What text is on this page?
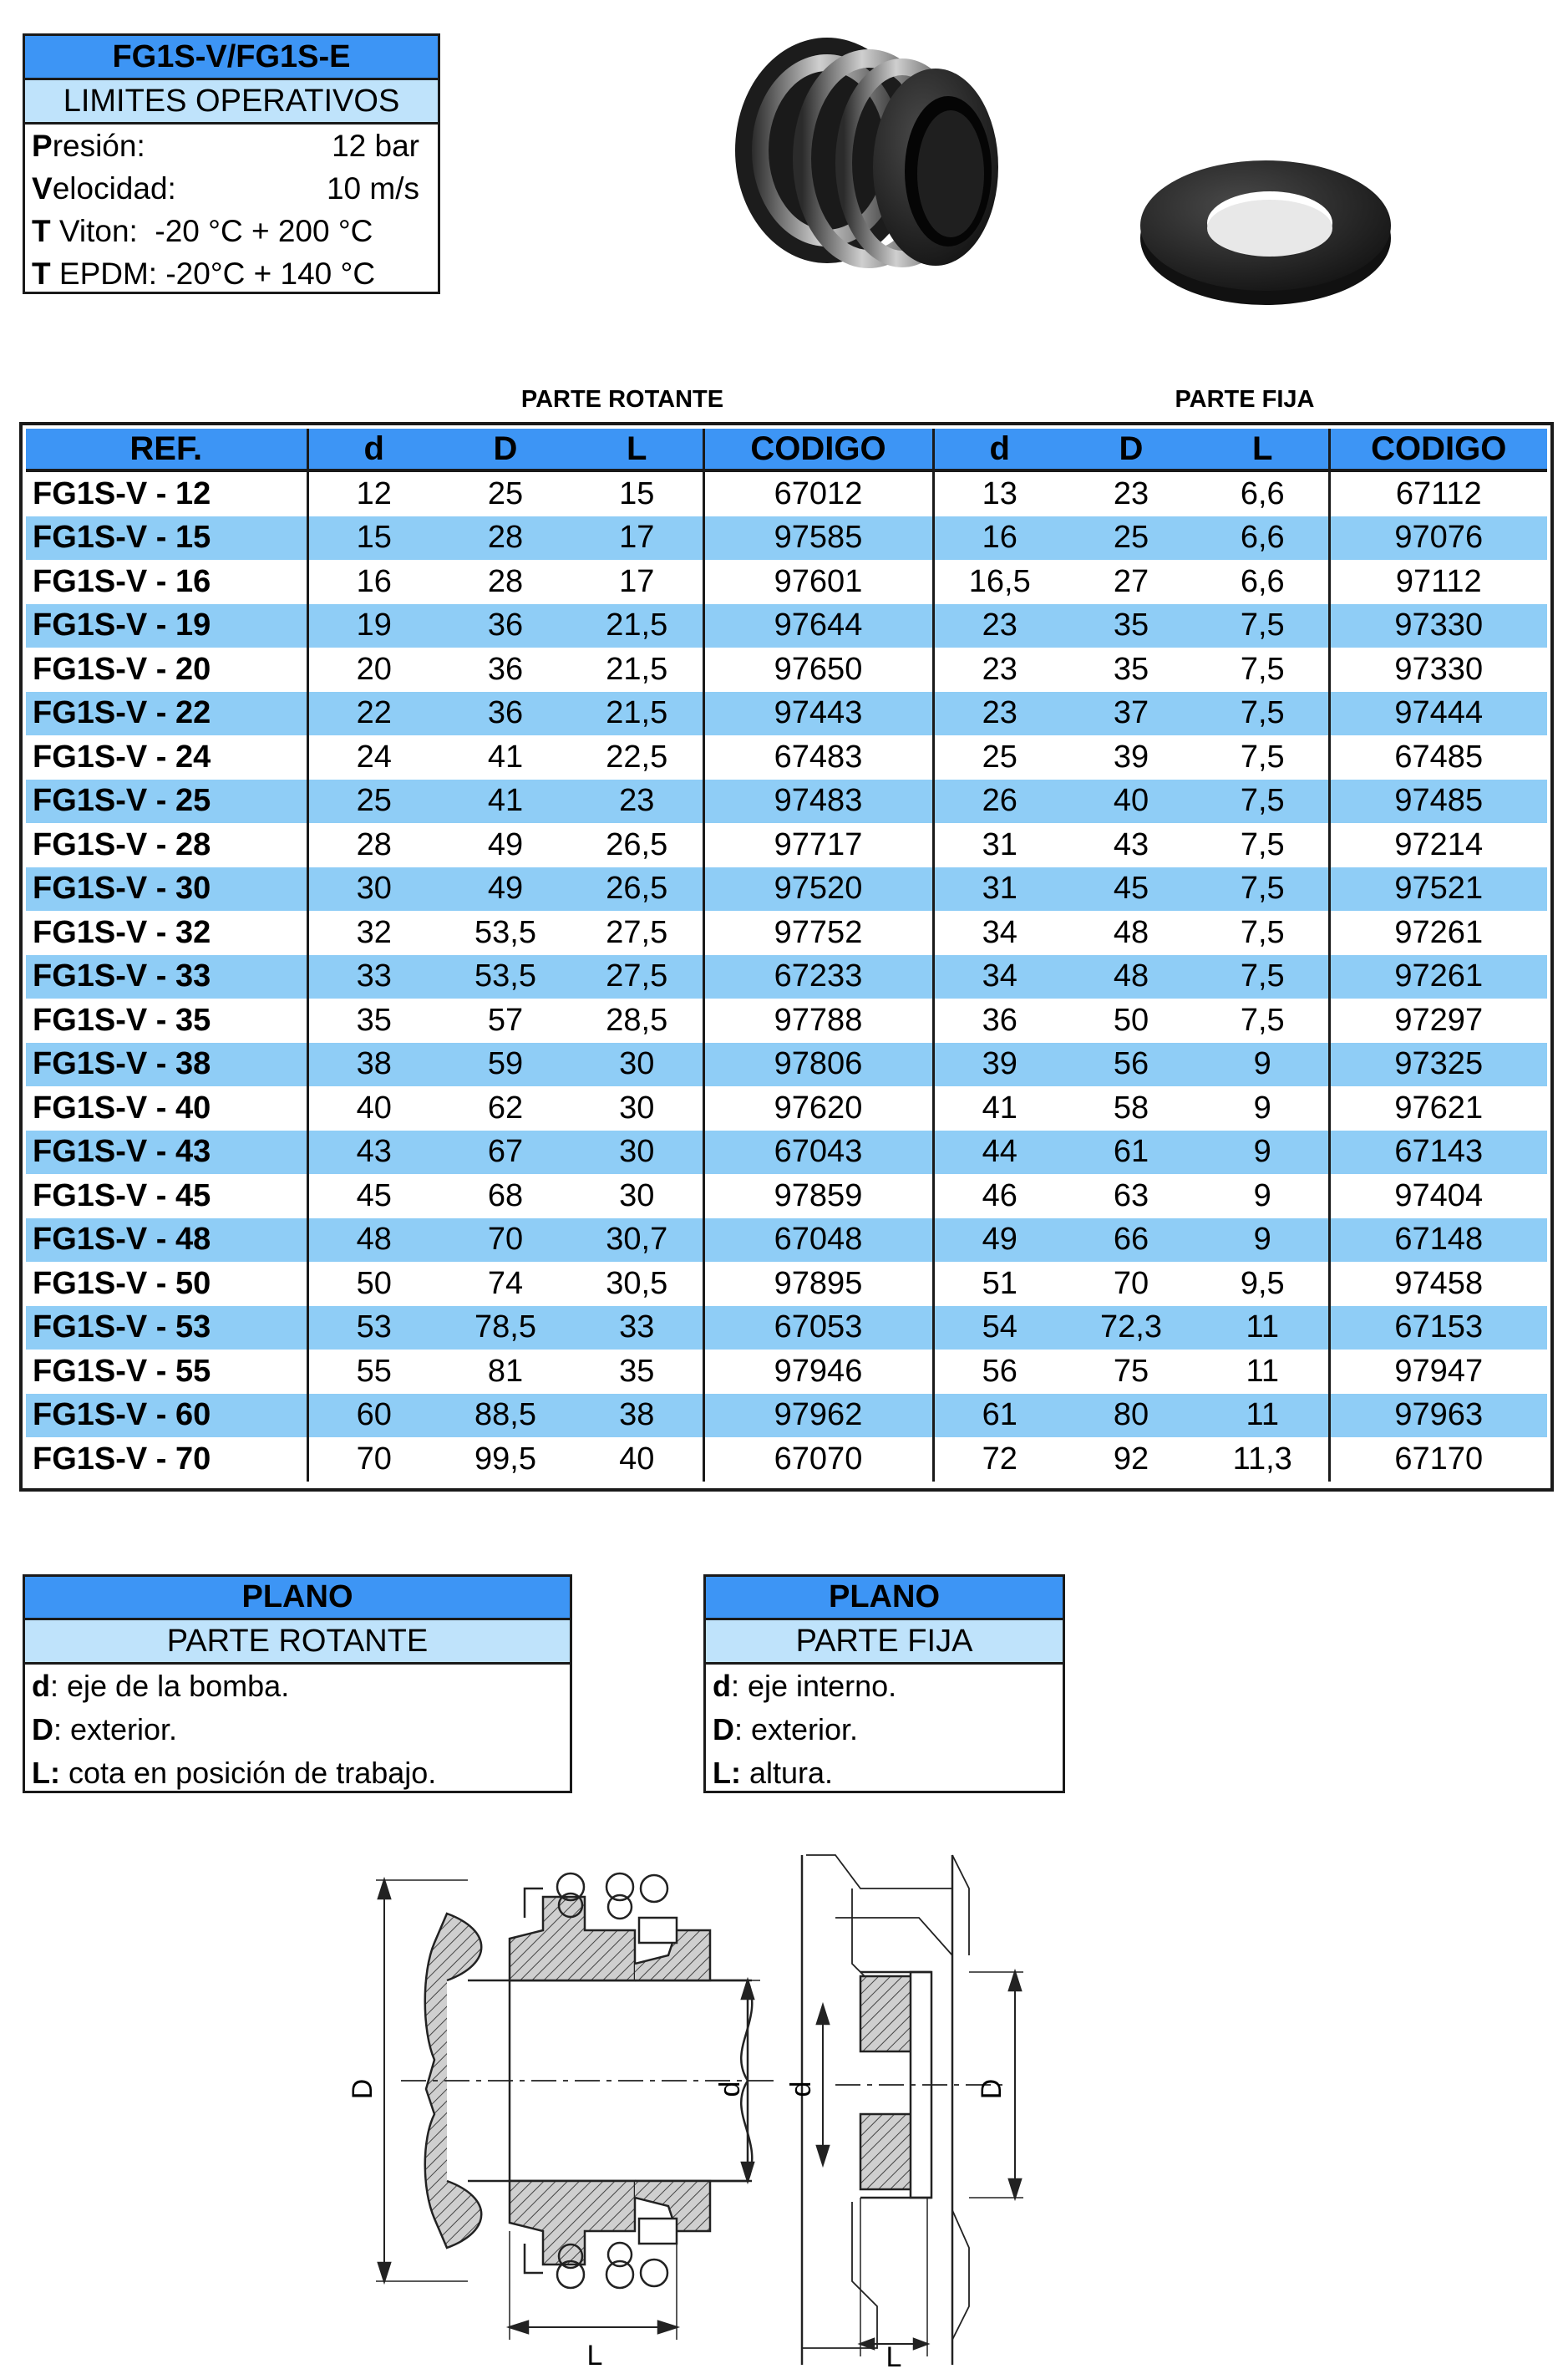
FG1S-V/FG1S-E
LIMITES OPERATIVOS
Presión:	12 bar
Velocidad:	10 m/s
T Viton:  -20 °C + 200 °C
T EPDM: -20°C + 140 °C
PARTE ROTANTE	PARTE FIJA
REF.	d	D	L	CODIGO	d	D	L	CODIGO
FG1S-V - 12	12	25	15	67012	13	23	6,6	67112
FG1S-V - 15	15	28	17	97585	16	25	6,6	97076
FG1S-V - 16	16	28	17	97601	16,5	27	6,6	97112
FG1S-V - 19	19	36	21,5	97644	23	35	7,5	97330
FG1S-V - 20	20	36	21,5	97650	23	35	7,5	97330
FG1S-V - 22	22	36	21,5	97443	23	37	7,5	97444
FG1S-V - 24	24	41	22,5	67483	25	39	7,5	67485
FG1S-V - 25	25	41	23	97483	26	40	7,5	97485
FG1S-V - 28	28	49	26,5	97717	31	43	7,5	97214
FG1S-V - 30	30	49	26,5	97520	31	45	7,5	97521
FG1S-V - 32	32	53,5	27,5	97752	34	48	7,5	97261
FG1S-V - 33	33	53,5	27,5	67233	34	48	7,5	97261
FG1S-V - 35	35	57	28,5	97788	36	50	7,5	97297
FG1S-V - 38	38	59	30	97806	39	56	9	97325
FG1S-V - 40	40	62	30	97620	41	58	9	97621
FG1S-V - 43	43	67	30	67043	44	61	9	67143
FG1S-V - 45	45	68	30	97859	46	63	9	97404
FG1S-V - 48	48	70	30,7	67048	49	66	9	67148
FG1S-V - 50	50	74	30,5	97895	51	70	9,5	97458
FG1S-V - 53	53	78,5	33	67053	54	72,3	11	67153
FG1S-V - 55	55	81	35	97946	56	75	11	97947
FG1S-V - 60	60	88,5	38	97962	61	80	11	97963
FG1S-V - 70	70	99,5	40	67070	72	92	11,3	67170
PLANO
PARTE ROTANTE
d: eje de la bomba.
D: exterior.
L: cota en posición de trabajo.
PLANO
PARTE FIJA
d: eje interno.
D: exterior.
L: altura.
D	d
L
d	D
L
